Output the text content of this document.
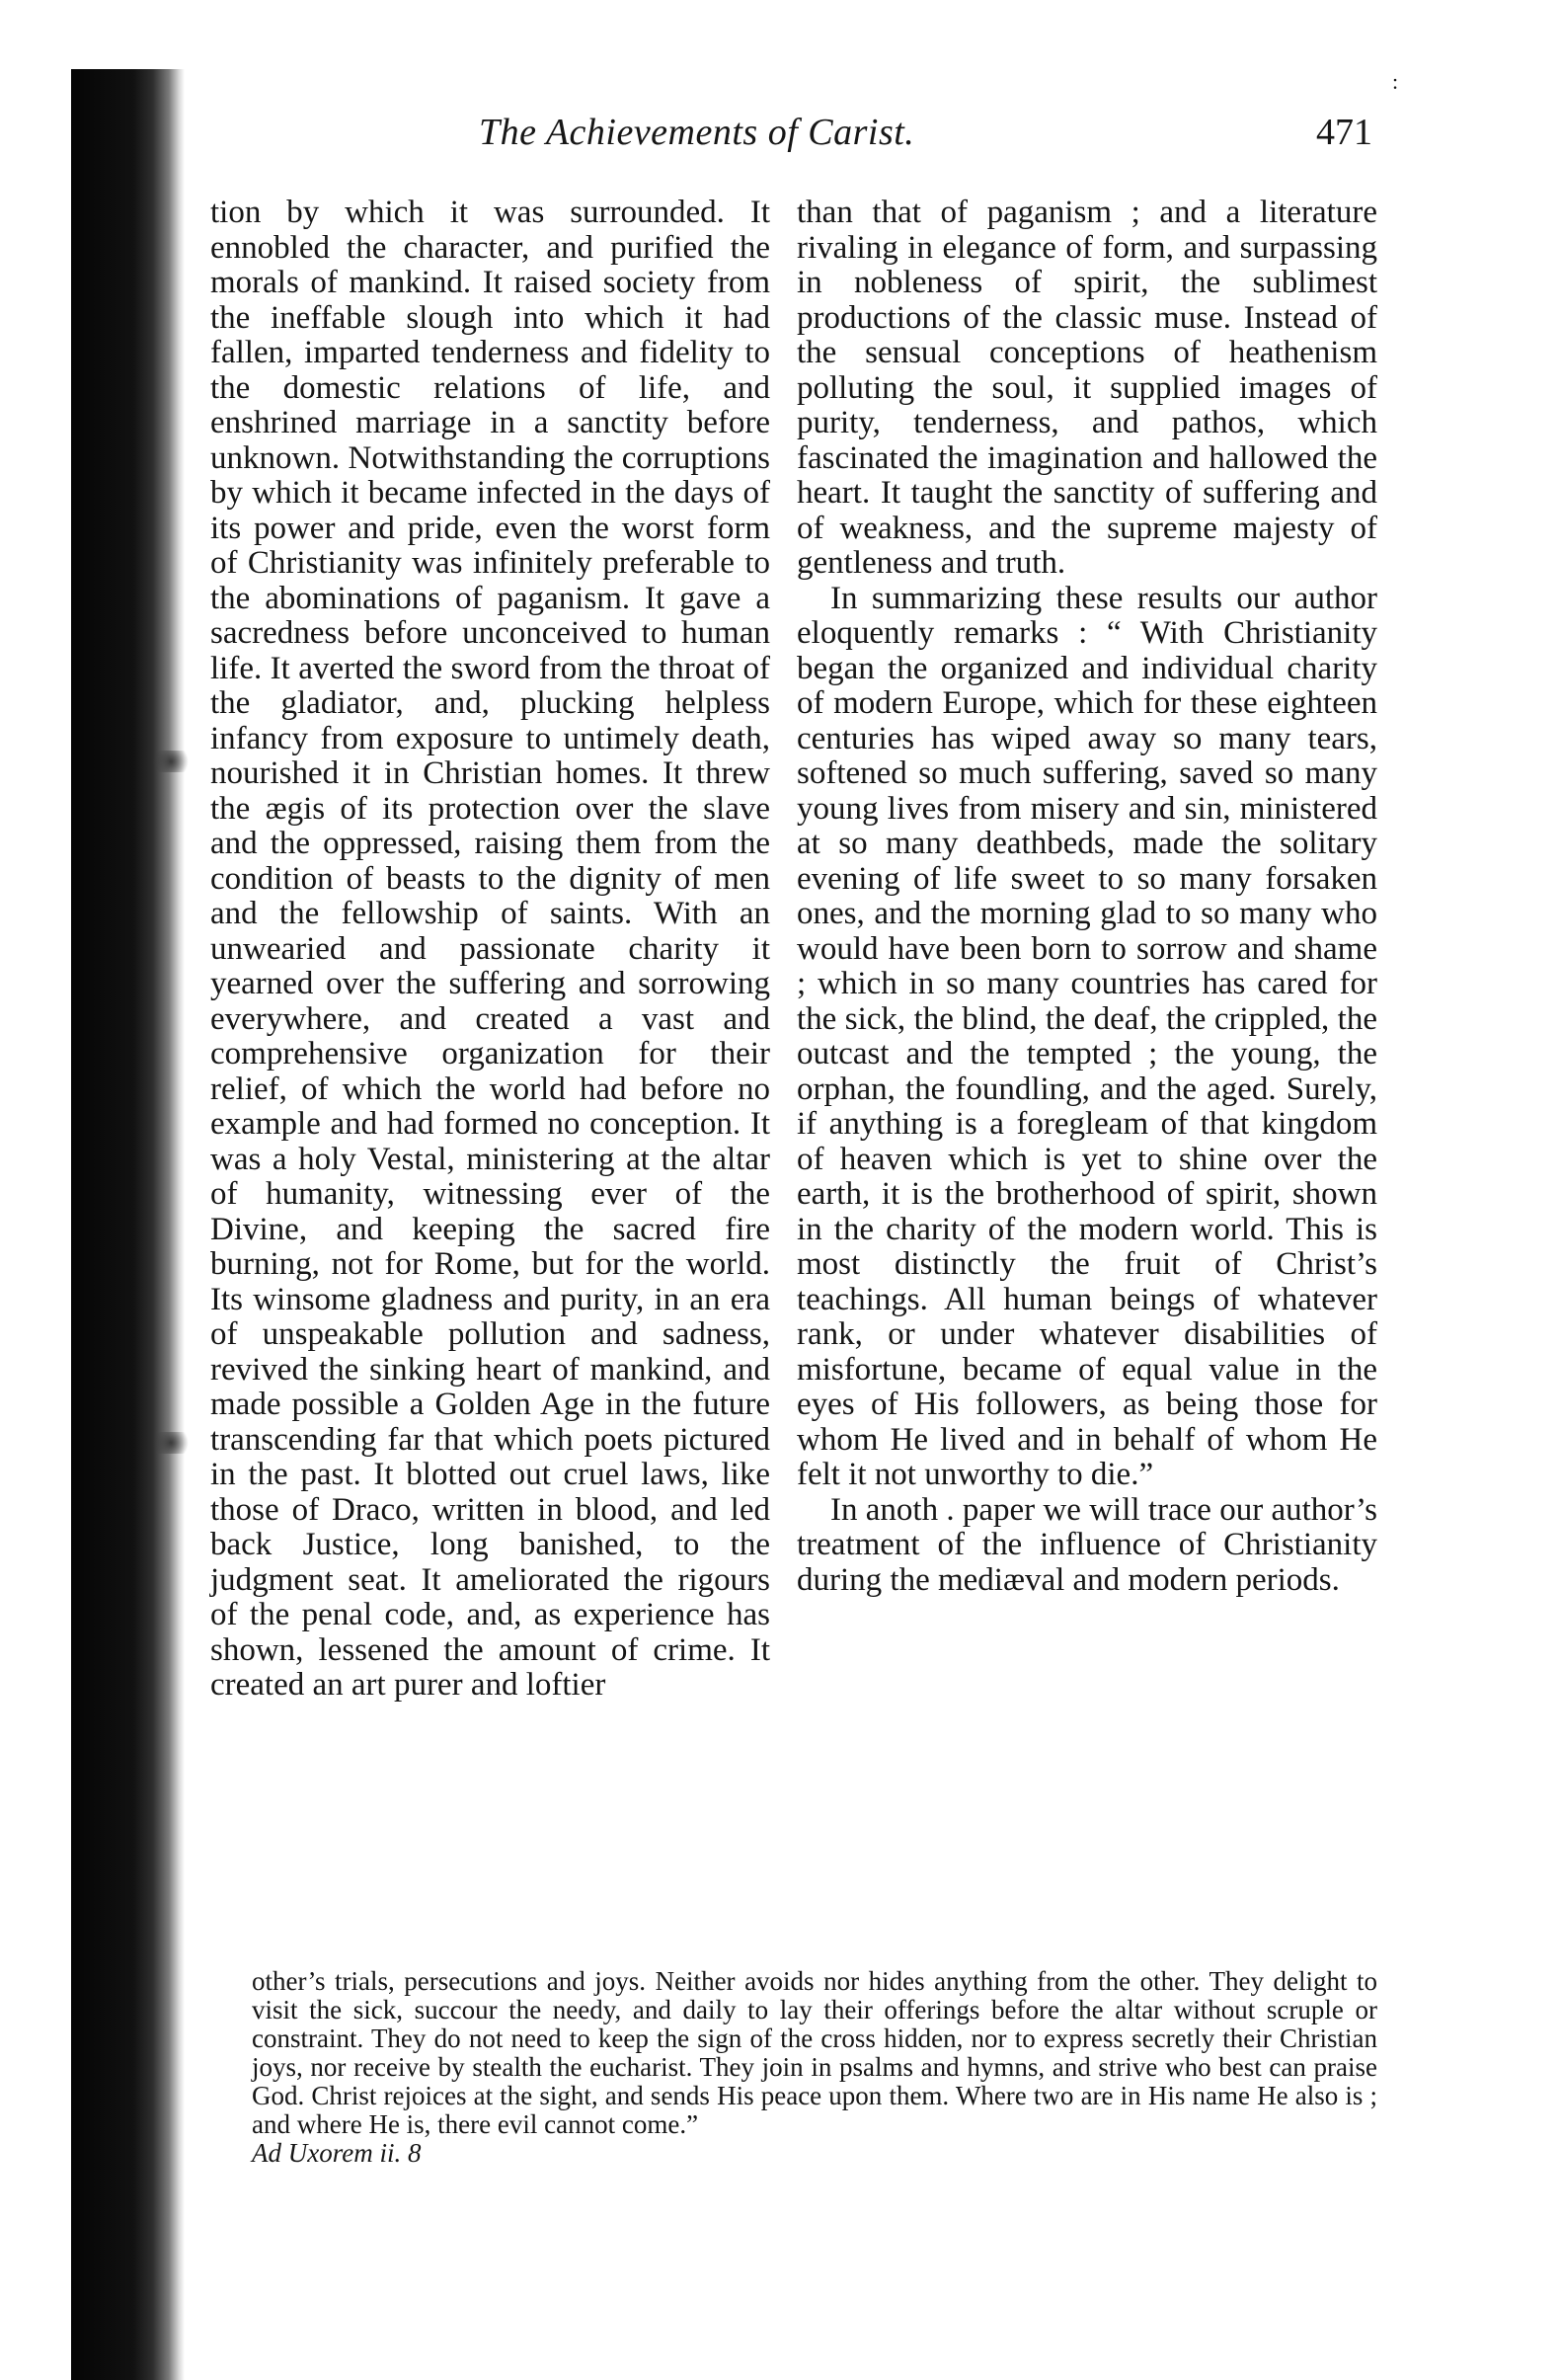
:
The Achievements of Carist.	471

tion by which it was surrounded. It ennobled the character, and purified the morals of mankind. It raised society from the ineffable slough into which it had fallen, imparted tenderness and fidelity to the domestic relations of life, and enshrined marriage in a sanctity before unknown. Notwithstanding the corruptions by which it became infected in the days of its power and pride, even the worst form of Christianity was infinitely preferable to the abominations of paganism. It gave a sacredness before unconceived to human life. It averted the sword from the throat of the gladiator, and, plucking helpless infancy from exposure to untimely death, nourished it in Christian homes. It threw the ægis of its protection over the slave and the oppressed, raising them from the condition of beasts to the dignity of men and the fellowship of saints. With an unwearied and passionate charity it yearned over the suffering and sorrowing everywhere, and created a vast and comprehensive organization for their relief, of which the world had before no example and had formed no conception. It was a holy Vestal, ministering at the altar of humanity, witnessing ever of the Divine, and keeping the sacred fire burning, not for Rome, but for the world. Its winsome gladness and purity, in an era of unspeakable pollution and sadness, revived the sinking heart of mankind, and made possible a Golden Age in the future transcending far that which poets pictured in the past. It blotted out cruel laws, like those of Draco, written in blood, and led back Justice, long banished, to the judgment seat. It ameliorated the rigours of the penal code, and, as experience has shown, lessened the amount of crime. It created an art purer and loftier

than that of paganism ; and a literature rivaling in elegance of form, and surpassing in nobleness of spirit, the sublimest productions of the classic muse. Instead of the sensual conceptions of heathenism polluting the soul, it supplied images of purity, tenderness, and pathos, which fascinated the imagination and hallowed the heart. It taught the sanctity of suffering and of weakness, and the supreme majesty of gentleness and truth.

In summarizing these results our author eloquently remarks : “ With Christianity began the organized and individual charity of modern Europe, which for these eighteen centuries has wiped away so many tears, softened so much suffering, saved so many young lives from misery and sin, ministered at so many deathbeds, made the solitary evening of life sweet to so many forsaken ones, and the morning glad to so many who would have been born to sorrow and shame ; which in so many countries has cared for the sick, the blind, the deaf, the crippled, the outcast and the tempted ; the young, the orphan, the foundling, and the aged. Surely, if anything is a foregleam of that kingdom of heaven which is yet to shine over the earth, it is the brotherhood of spirit, shown in the charity of the modern world. This is most distinctly the fruit of Christ’s teachings. All human beings of whatever rank, or under whatever disabilities of misfortune, became of equal value in the eyes of His followers, as being those for whom He lived and in behalf of whom He felt it not unworthy to die.”

In anoth . paper we will trace our author’s treatment of the influence of Christianity during the mediæval and modern periods.

other’s trials, persecutions and joys. Neither avoids nor hides anything from the other. They delight to visit the sick, succour the needy, and daily to lay their offerings before the altar without scruple or constraint. They do not need to keep the sign of the cross hidden, nor to express secretly their Christian joys, nor receive by stealth the eucharist. They join in psalms and hymns, and strive who best can praise God. Christ rejoices at the sight, and sends His peace upon them. Where two are in His name He also is ; and where He is, there evil cannot come.”
Ad Uxorem ii. 8
